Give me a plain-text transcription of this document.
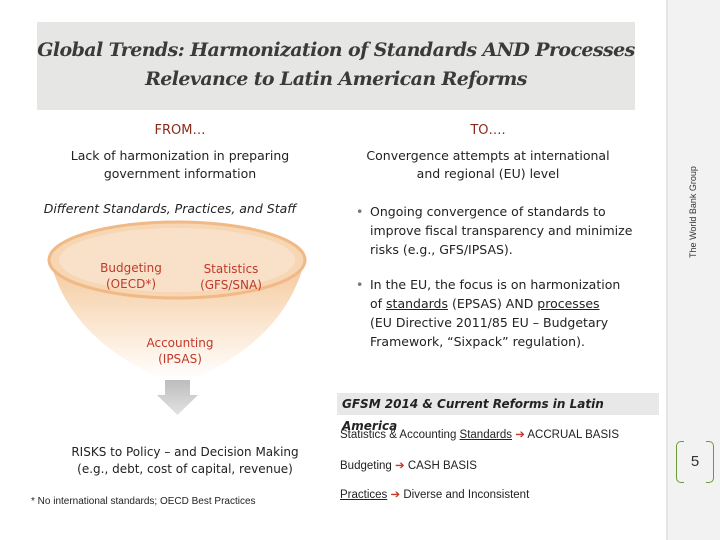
The World Bank Group
5
Global Trends: Harmonization of Standards AND Processes
Relevance to Latin American Reforms
FROM…
Lack of harmonization in preparing
government information
Different Standards, Practices, and Staff
Budgeting
(OECD*)
Statistics
(GFS/SNA)
Accounting
(IPSAS)
RISKS to Policy – and Decision Making
(e.g., debt, cost of capital, revenue)
* No international standards; OECD Best Practices
TO….
Convergence attempts at international
and regional (EU) level
• Ongoing convergence of standards to
improve fiscal transparency and minimize
risks (e.g., GFS/IPSAS).
• In the EU, the focus is on harmonization
of standards (EPSAS) AND processes
(EU Directive 2011/85 EU – Budgetary
Framework, “Sixpack” regulation).
GFSM 2014 & Current Reforms in Latin America
Statistics & Accounting Standards ➔ ACCRUAL BASIS
Budgeting ➔ CASH BASIS
Practices ➔ Diverse and Inconsistent
